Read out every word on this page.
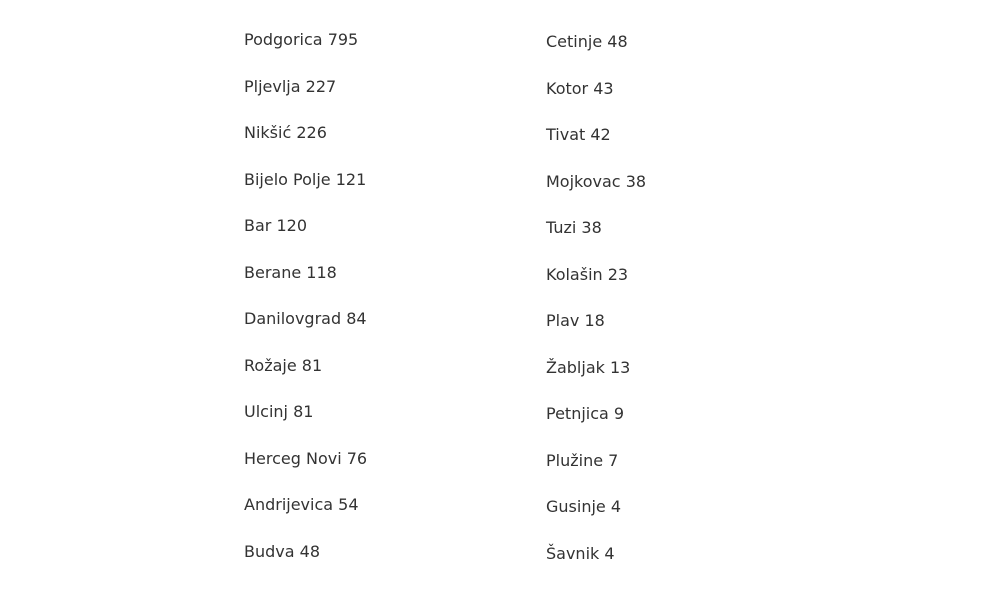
Podgorica 795
Pljevlja 227
Nikšić 226
Bijelo Polje 121
Bar 120
Berane 118
Danilovgrad 84
Rožaje 81
Ulcinj 81
Herceg Novi 76
Andrijevica 54
Budva 48
Cetinje 48
Kotor 43
Tivat 42
Mojkovac 38
Tuzi 38
Kolašin 23
Plav 18
Žabljak 13
Petnjica 9
Plužine 7
Gusinje 4
Šavnik 4
